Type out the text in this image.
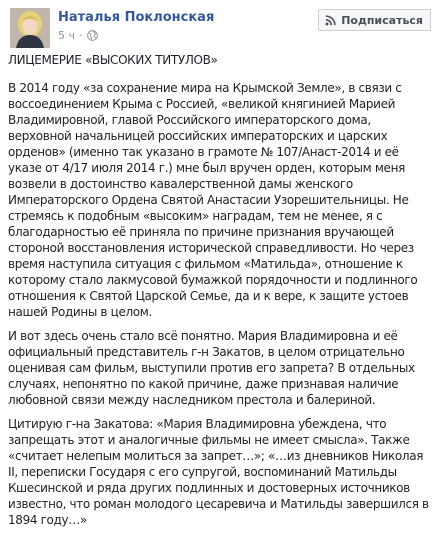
Наталья Поклонская
5 ч ·
Подписаться

ЛИЦЕМЕРИЕ «ВЫСОКИХ ТИТУЛОВ»

В 2014 году «за сохранение мира на Крымской Земле», в связи с воссоединением Крыма с Россией, «великой княгинией Марией Владимировной, главой Российского императорского дома, верховной начальницей российских императорских и царских орденов» (именно так указано в грамоте № 107/Анаст-2014 и её указе от 4/17 июля 2014 г.) мне был вручен орден, которым меня возвели в достоинство кавалерственной дамы женского Императорского Ордена Святой Анастасии Узорешительницы. Не стремясь к подобным «высоким» наградам, тем не менее, я с благодарностью её приняла по причине признания вручающей стороной восстановления исторической справедливости. Но через время наступила ситуация с фильмом «Матильда», отношение к которому стало лакмусовой бумажкой порядочности и подлинного отношения к Святой Царской Семье, да и к вере, к защите устоев нашей Родины в целом.

И вот здесь очень стало всё понятно. Мария Владимировна и её официальный представитель г-н Закатов, в целом отрицательно оценивая сам фильм, выступили против его запрета? В отдельных случаях, непонятно по какой причине, даже признавая наличие любовной связи между наследником престола и балериной.

Цитирую г-на Закатова: «Мария Владимировна убеждена, что запрещать этот и аналогичные фильмы не имеет смысла». Также «считает нелепым молиться за запрет…»; «…из дневников Николая II, переписки Государя с его супругой, воспоминаний Матильды Кшесинской и ряда других подлинных и достоверных источников известно, что роман молодого цесаревича и Матильды завершился в 1894 году…»
